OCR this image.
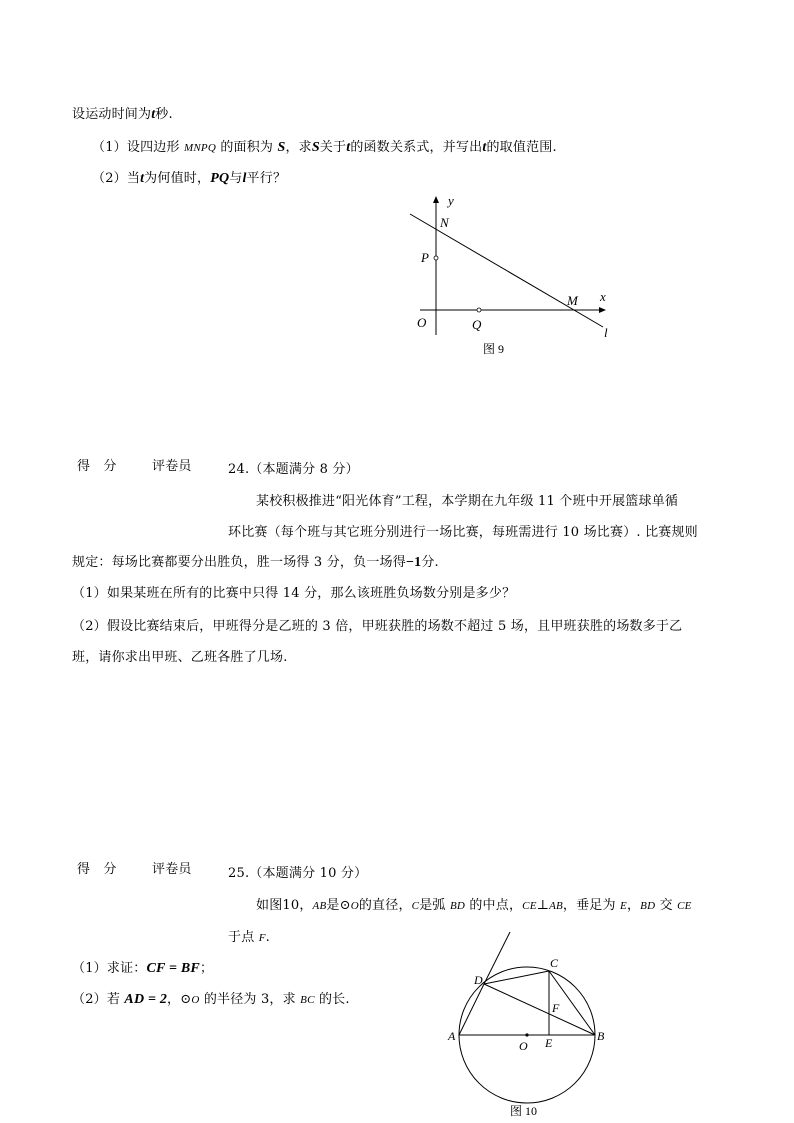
设运动时间为t秒.
（1）设四边形 MNPQ 的面积为 S，求S关于t的函数关系式，并写出t的取值范围.
（2）当t为何值时，PQ与l平行？
y
x
N
P
M
O	Q
l
图 9
得　分	评卷员	24.（本题满分 8 分）
某校积极推进“阳光体育”工程，本学期在九年级 11 个班中开展篮球单循
环比赛（每个班与其它班分别进行一场比赛，每班需进行 10 场比赛）. 比赛规则
规定：每场比赛都要分出胜负，胜一场得 3 分，负一场得−1分.
（1）如果某班在所有的比赛中只得 14 分，那么该班胜负场数分别是多少？
（2）假设比赛结束后，甲班得分是乙班的 3 倍，甲班获胜的场数不超过 5 场，且甲班获胜的场数多于乙
班，请你求出甲班、乙班各胜了几场.
得　分	评卷员	25.（本题满分 10 分）
如图10，AB是⊙O的直径，C是弧 BD 的中点，CE⊥AB，垂足为 E，BD 交 CE
于点 F.
（1）求证：CF = BF；
（2）若 AD = 2，⊙O 的半径为 3，求 BC 的长.
D
C
F
A
O E	B
图 10
